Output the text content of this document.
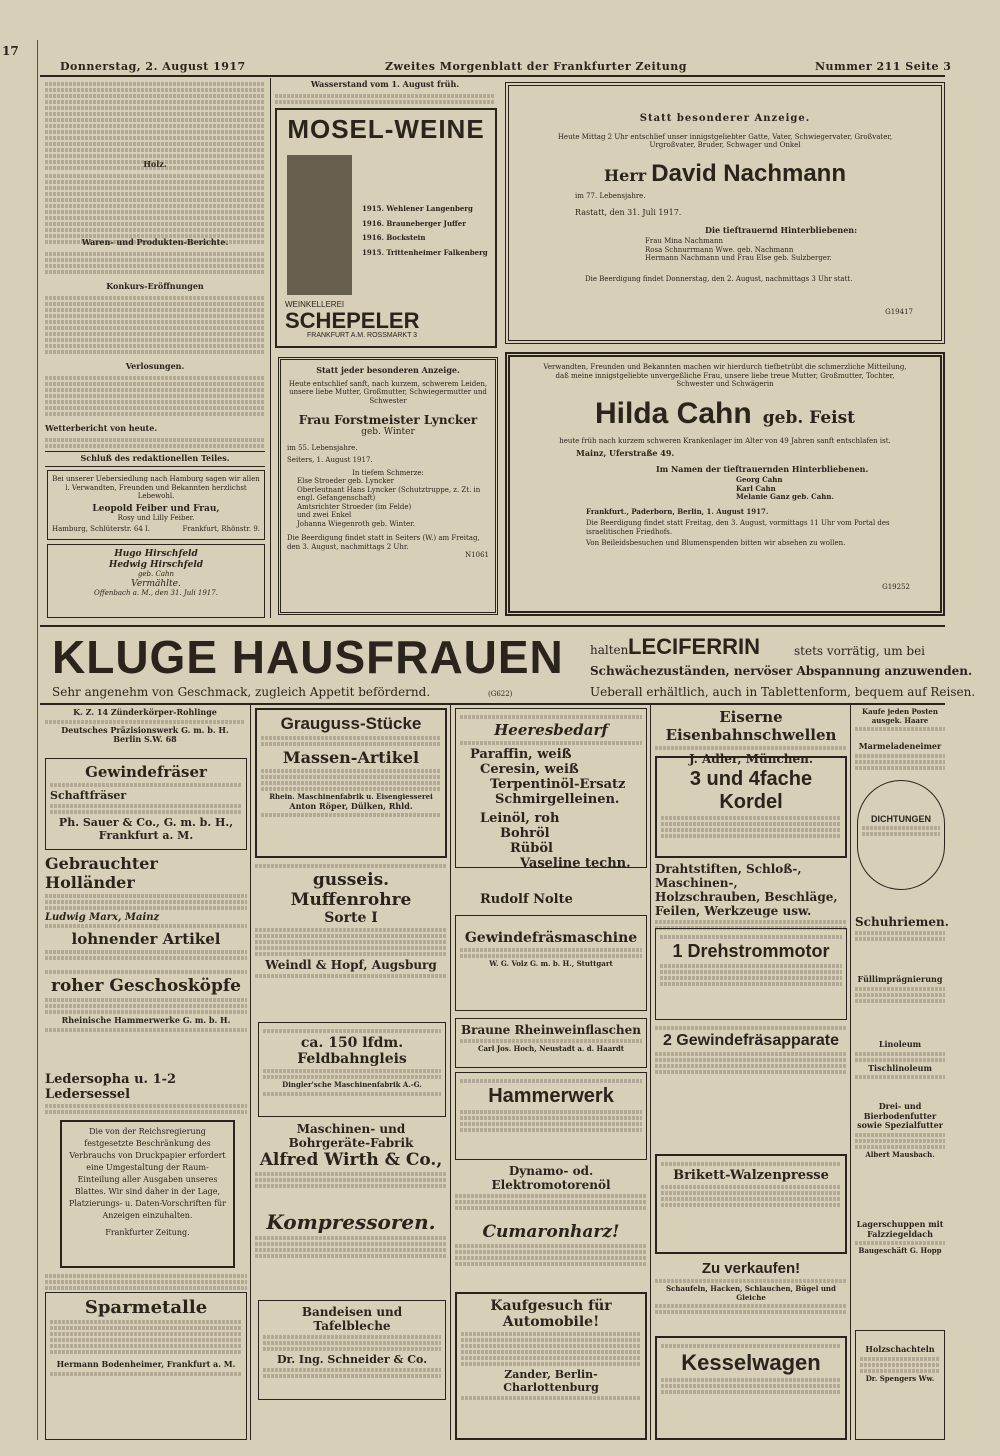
17
Donnerstag, 2. August 1917	Zweites Morgenblatt der Frankfurter Zeitung	Nummer 211 Seite 3
Holz.
Waren- und Produkten-Berichte.
Konkurs-Eröffnungen
Verlosungen.
Wetterbericht von heute.
Schluß des redaktionellen Teiles.
Bei unserer Uebersiedlung nach Hamburg sagen wir allen l. Verwandten, Freunden und Bekannten herzlichst Lebewohl.
Leopold Feiber und Frau,
Rosy und Lilly Feiber.
Hamburg, Schlüterstr. 64 I.	Frankfurt, Rhönstr. 9.
Hugo Hirschfeld
Hedwig Hirschfeld
geb. Cahn
Vermählte.
Offenbach a. M., den 31. Juli 1917.
Wasserstand vom 1. August früh.
MOSEL-WEINE
1915. Wehlener Langenberg
1916. Brauneberger Juffer
1916. Bockstein
1915. Trittenheimer Falkenberg
WEINKELLEREI
SCHEPELER
FRANKFURT A.M. ROSSMARKT 3
Statt besonderer Anzeige.
Heute Mittag 2 Uhr entschlief unser innigstgeliebter Gatte, Vater, Schwiegervater, Großvater, Urgroßvater, Bruder, Schwager und Onkel
Herr David Nachmann
im 77. Lebensjahre.
Rastatt, den 31. Juli 1917.
Die tieftrauernd Hinterbliebenen:
Frau Mina Nachmann
Rosa Schnurrmann Wwe. geb. Nachmann
Hermann Nachmann und Frau Else geb. Sulzberger.
Die Beerdigung findet Donnerstag, den 2. August, nachmittags 3 Uhr statt.
G19417
Statt jeder besonderen Anzeige.
Heute entschlief sanft, nach kurzem, schwerem Leiden, unsere liebe Mutter, Großmutter, Schwiegermutter und Schwester
Frau Forstmeister Lyncker
geb. Winter
im 55. Lebensjahre.
Seiters, 1. August 1917.
In tiefem Schmerze:
Else Stroeder geb. Lyncker
Oberleutnant Hans Lyncker (Schutztruppe, z. Zt. in engl. Gefangenschaft)
Amtsrichter Stroeder (im Felde)
und zwei Enkel
Johanna Wiegenroth geb. Winter.
Die Beerdigung findet statt in Seiters (W.) am Freitag, den 3. August, nachmittags 2 Uhr.
N1061
Verwandten, Freunden und Bekannten machen wir hierdurch tiefbetrübt die schmerzliche Mitteilung, daß meine innigstgeliebte unvergeßliche Frau, unsere liebe treue Mutter, Großmutter, Tochter, Schwester und Schwägerin
Hilda Cahn geb. Feist
heute früh nach kurzem schweren Krankenlager im Alter von 49 Jahren sanft entschlafen ist.
Mainz, Uferstraße 49.
Im Namen der tieftrauernden Hinterbliebenen.
Georg Cahn
Karl Cahn
Melanie Ganz geb. Cahn.
Frankfurt., Paderborn, Berlin, 1. August 1917.
Die Beerdigung findet statt Freitag, den 3. August, vormittags 11 Uhr vom Portal des israelitischen Friedhofs.
Von Beileidsbesuchen und Blumenspenden bitten wir absehen zu wollen.
G19252
KLUGE HAUSFRAUEN halten LECIFERRIN	stets vorrätig, um bei
Schwächezuständen, nervöser Abspannung anzuwenden.
Sehr angenehm von Geschmack, zugleich Appetit befördernd.	(G622)	Ueberall erhältlich, auch in Tablettenform, bequem auf Reisen.
K. Z. 14 Zünderkörper-Rohlinge
Deutsches Präzisionswerk G. m. b. H.
Berlin S.W. 68
Gewindefräser
Schaftfräser
Ph. Sauer & Co., G. m. b. H.,
Frankfurt a. M.
Gebrauchter Holländer
Ludwig Marx, Mainz
lohnender Artikel
roher Geschosköpfe
Rheinische Hammerwerke G. m. b. H.
Ledersopha u. 1-2 Ledersessel
Die von der Reichsregierung festgesetzte Beschränkung des Verbrauchs von Druckpapier erfordert eine Umgestaltung der Raum-Einteilung aller Ausgaben unseres Blattes. Wir sind daher in der Lage, Platzierungs- u. Daten-Vorschriften für Anzeigen einzuhalten.
Frankfurter Zeitung.
Sparmetalle
Hermann Bodenheimer, Frankfurt a. M.
Grauguss-Stücke
Massen-Artikel
Rhein. Maschinenfabrik u. Eisengiesserei
Anton Röper, Dülken, Rhld.
gusseis. Muffenrohre
Sorte I
Weindl & Hopf, Augsburg
ca. 150 lfdm. Feldbahngleis
Dingler'sche Maschinenfabrik A.-G.
Maschinen- und Bohrgeräte-Fabrik
Alfred Wirth & Co.,
Kompressoren.
Bandeisen und Tafelbleche
Dr. Ing. Schneider & Co.
Heeresbedarf
Paraffin, weiß
Ceresin, weiß
Terpentinöl-Ersatz
Schmirgelleinen.
Leinöl, roh
Bohröl
Rüböl
Vaseline techn.
Rudolf Nolte
Gewindefräsmaschine
W. G. Volz G. m. b. H., Stuttgart
Braune Rheinweinflaschen
Carl Jos. Hoch, Neustadt a. d. Haardt
Hammerwerk
Dynamo- od. Elektromotorenöl
Cumaronharz!
Kaufgesuch für Automobile!
Zander, Berlin-Charlottenburg
Eiserne Eisenbahnschwellen
J. Adler, München.
3 und 4fache Kordel
Drahtstiften, Schloß-, Maschinen-, Holzschrauben, Beschläge, Feilen, Werkzeuge usw.
1 Drehstrommotor
2 Gewindefräsapparate
Brikett-Walzenpresse
Zu verkaufen!
Schaufeln, Hacken, Schlauchen, Bügel und Gleiche
Kesselwagen
Kaufe jeden Posten ausgek. Haare
Marmeladeneimer
DICHTUNGEN
Schuhriemen.
Füllimprägnierung
Linoleum
Tischlinoleum
Drei- und Bierbodenfutter sowie Spezialfutter
Albert Mausbach.
Lagerschuppen mit Falzziegeldach
Baugeschäft G. Hopp
Holzschachteln
Dr. Spengers Ww.
